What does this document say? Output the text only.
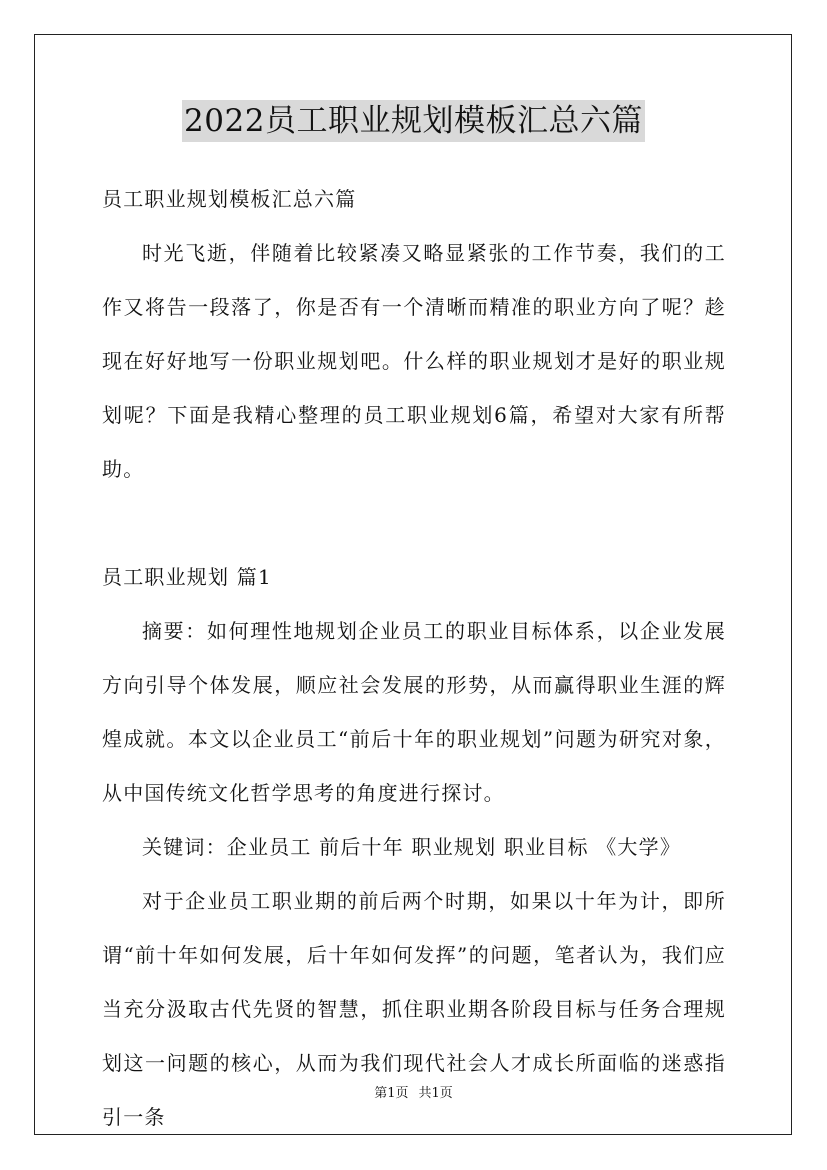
2022员工职业规划模板汇总六篇

员工职业规划模板汇总六篇

时光飞逝，伴随着比较紧凑又略显紧张的工作节奏，我们的工作又将告一段落了，你是否有一个清晰而精准的职业方向了呢？趁现在好好地写一份职业规划吧。什么样的职业规划才是好的职业规划呢？下面是我精心整理的员工职业规划6篇，希望对大家有所帮助。

员工职业规划 篇1

摘要：如何理性地规划企业员工的职业目标体系，以企业发展方向引导个体发展，顺应社会发展的形势，从而赢得职业生涯的辉煌成就。本文以企业员工“前后十年的职业规划”问题为研究对象，从中国传统文化哲学思考的角度进行探讨。

关键词：企业员工 前后十年 职业规划 职业目标 《大学》

对于企业员工职业期的前后两个时期，如果以十年为计，即所谓“前十年如何发展，后十年如何发挥”的问题，笔者认为，我们应当充分汲取古代先贤的智慧，抓住职业期各阶段目标与任务合理规划这一问题的核心，从而为我们现代社会人才成长所面临的迷惑指引一条

第1页 共1页
